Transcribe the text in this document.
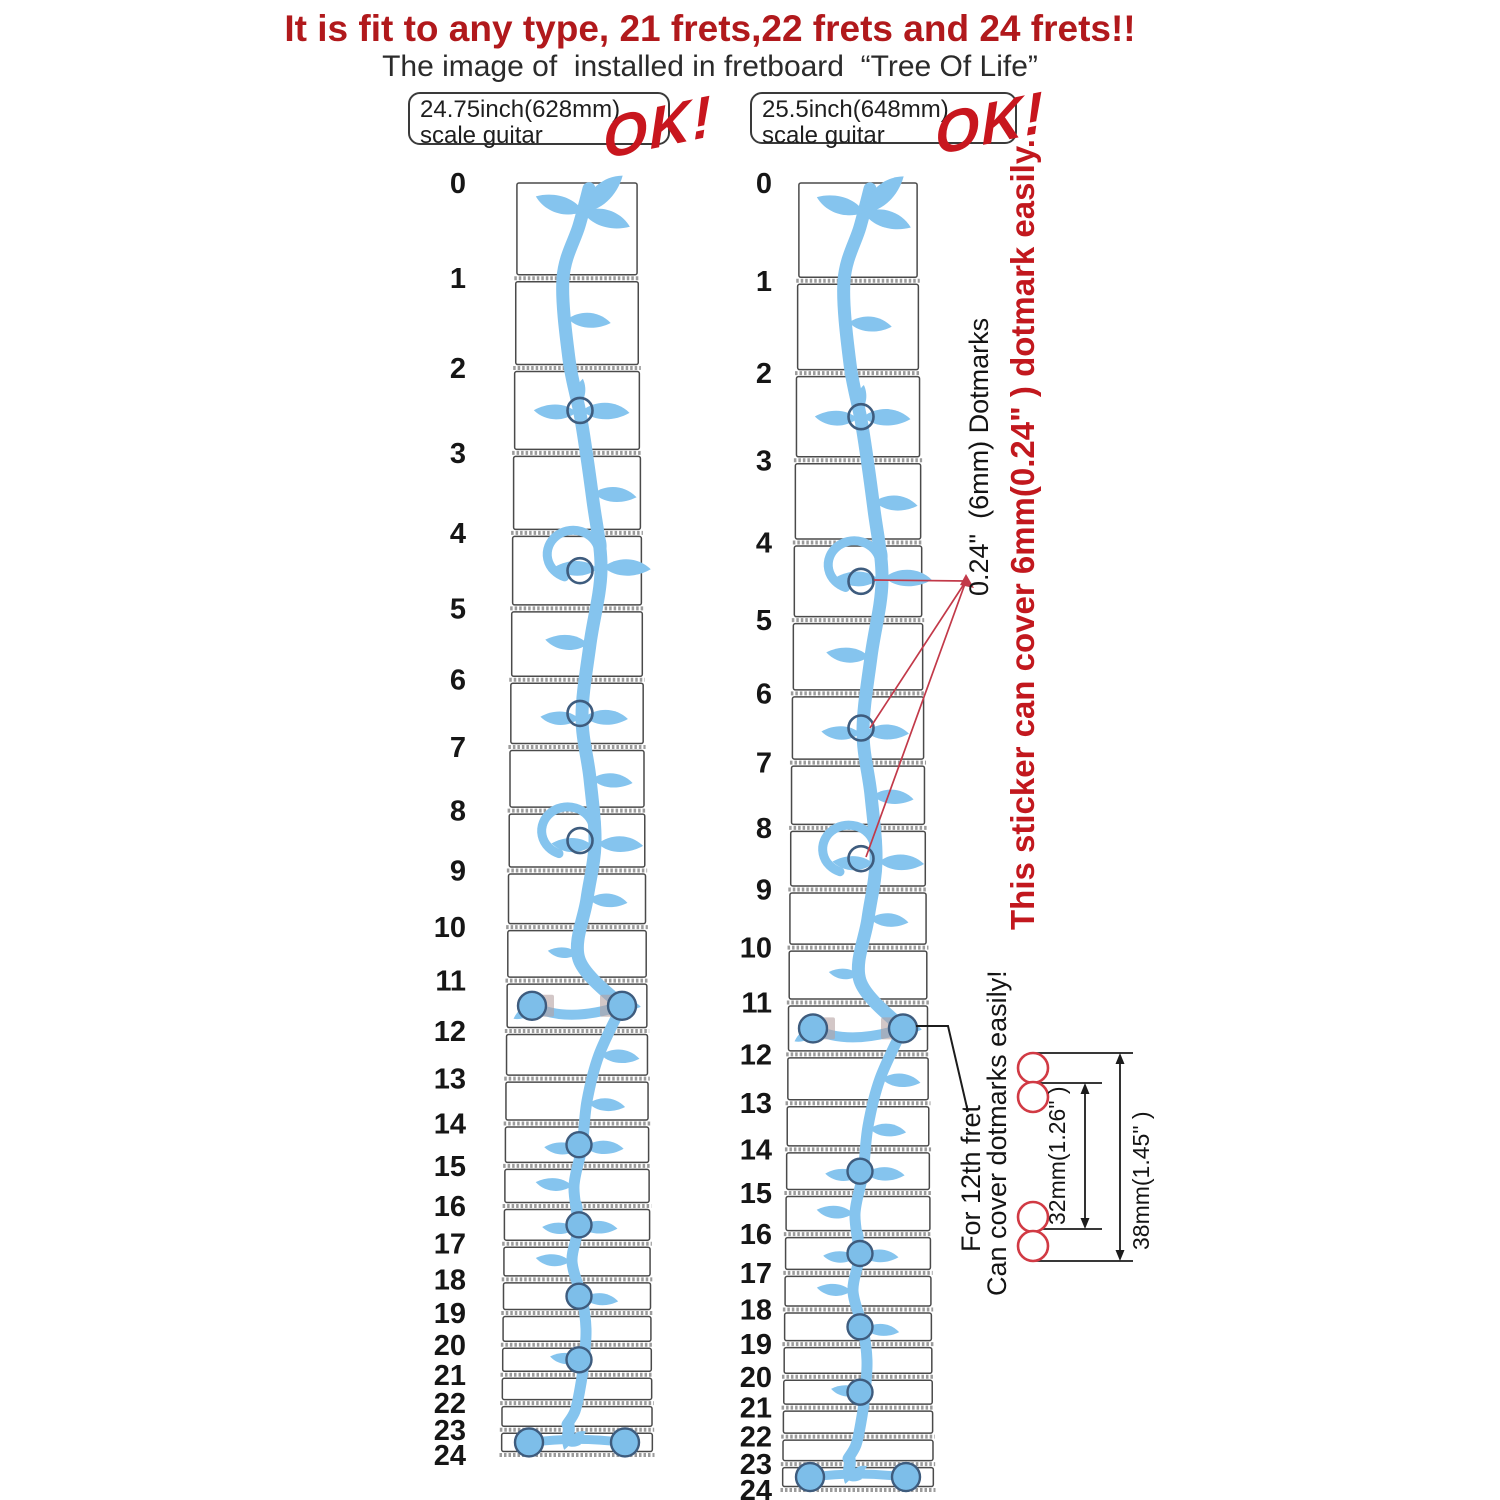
0
1
2
3
4
5
6
7
8
9
10
11
12
13
14
15
16
17
18
19
20
21
22
23
24
0
1
2
3
4
5
6
7
8
9
10
11
12
13
14
15
16
17
18
19
20
21
22
23
24
It is fit to any type, 21 frets,22 frets and 24 frets!!
The image of  installed in fretboard  “Tree Of Life”
24.75inch(628mm)
scale guitar	OK! 25.5inch(648mm)
scale guitar OK!
0.24"  (6mm) Dotmarks This sticker can cover 6mm(0.24" ) dotmark easily.
For 12th fret
Can cover dotmarks easily! 32mm(1.26" )	38mm(1.45" )
